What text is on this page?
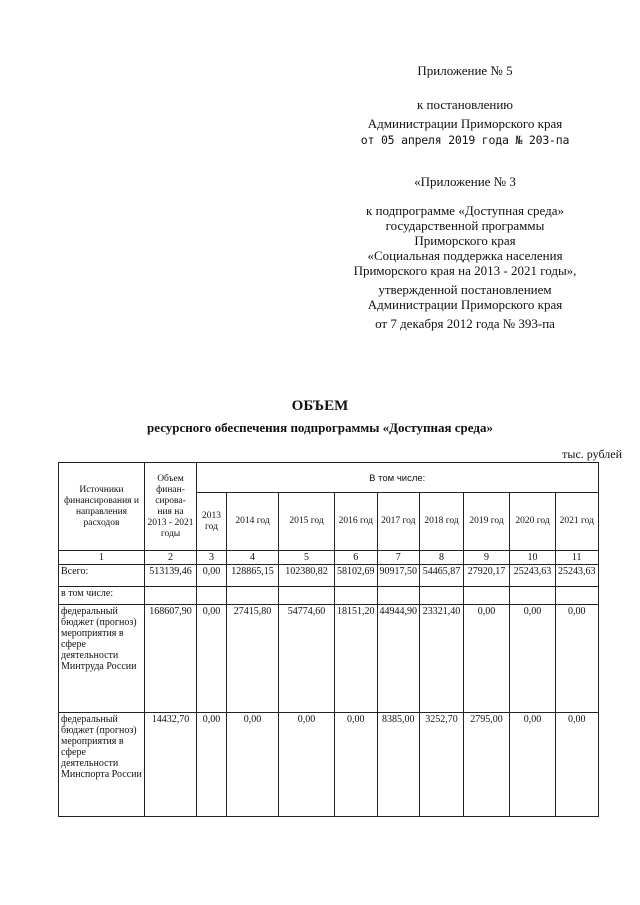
Приложение № 5
к постановлению
Администрации Приморского края
от 05 апреля 2019 года № 203-па
«Приложение № 3
к подпрограмме «Доступная среда»
государственной программы
Приморского края
«Социальная поддержка населения
Приморского края на 2013 - 2021 годы»,
утвержденной постановлением
Администрации Приморского края
от 7 декабря 2012 года № 393-па
ОБЪЕМ
ресурсного обеспечения подпрограммы «Доступная среда»
тыс. рублей
Источники финансирования и направления расходов	Объем финан- сирова- ния на 2013 - 2021 годы	В том числе:								
		2013 год	2014 год	2015 год	2016 год	2017 год	2018 год	2019 год	2020 год	2021 год
1	2	3	4	5	6	7	8	9	10	11
Всего:	513139,46	0,00	128865,15	102380,82	58102,69	90917,50	54465,87	27920,17	25243,63	25243,63
в том числе:										
федеральный бюджет (прогноз) мероприятия в сфере деятельности Минтруда России	168607,90	0,00	27415,80	54774,60	18151,20	44944,90	23321,40	0,00	0,00	0,00
федеральный бюджет (прогноз) мероприятия в сфере деятельности Минспорта России	14432,70	0,00	0,00	0,00	0,00	8385,00	3252,70	2795,00	0,00	0,00
